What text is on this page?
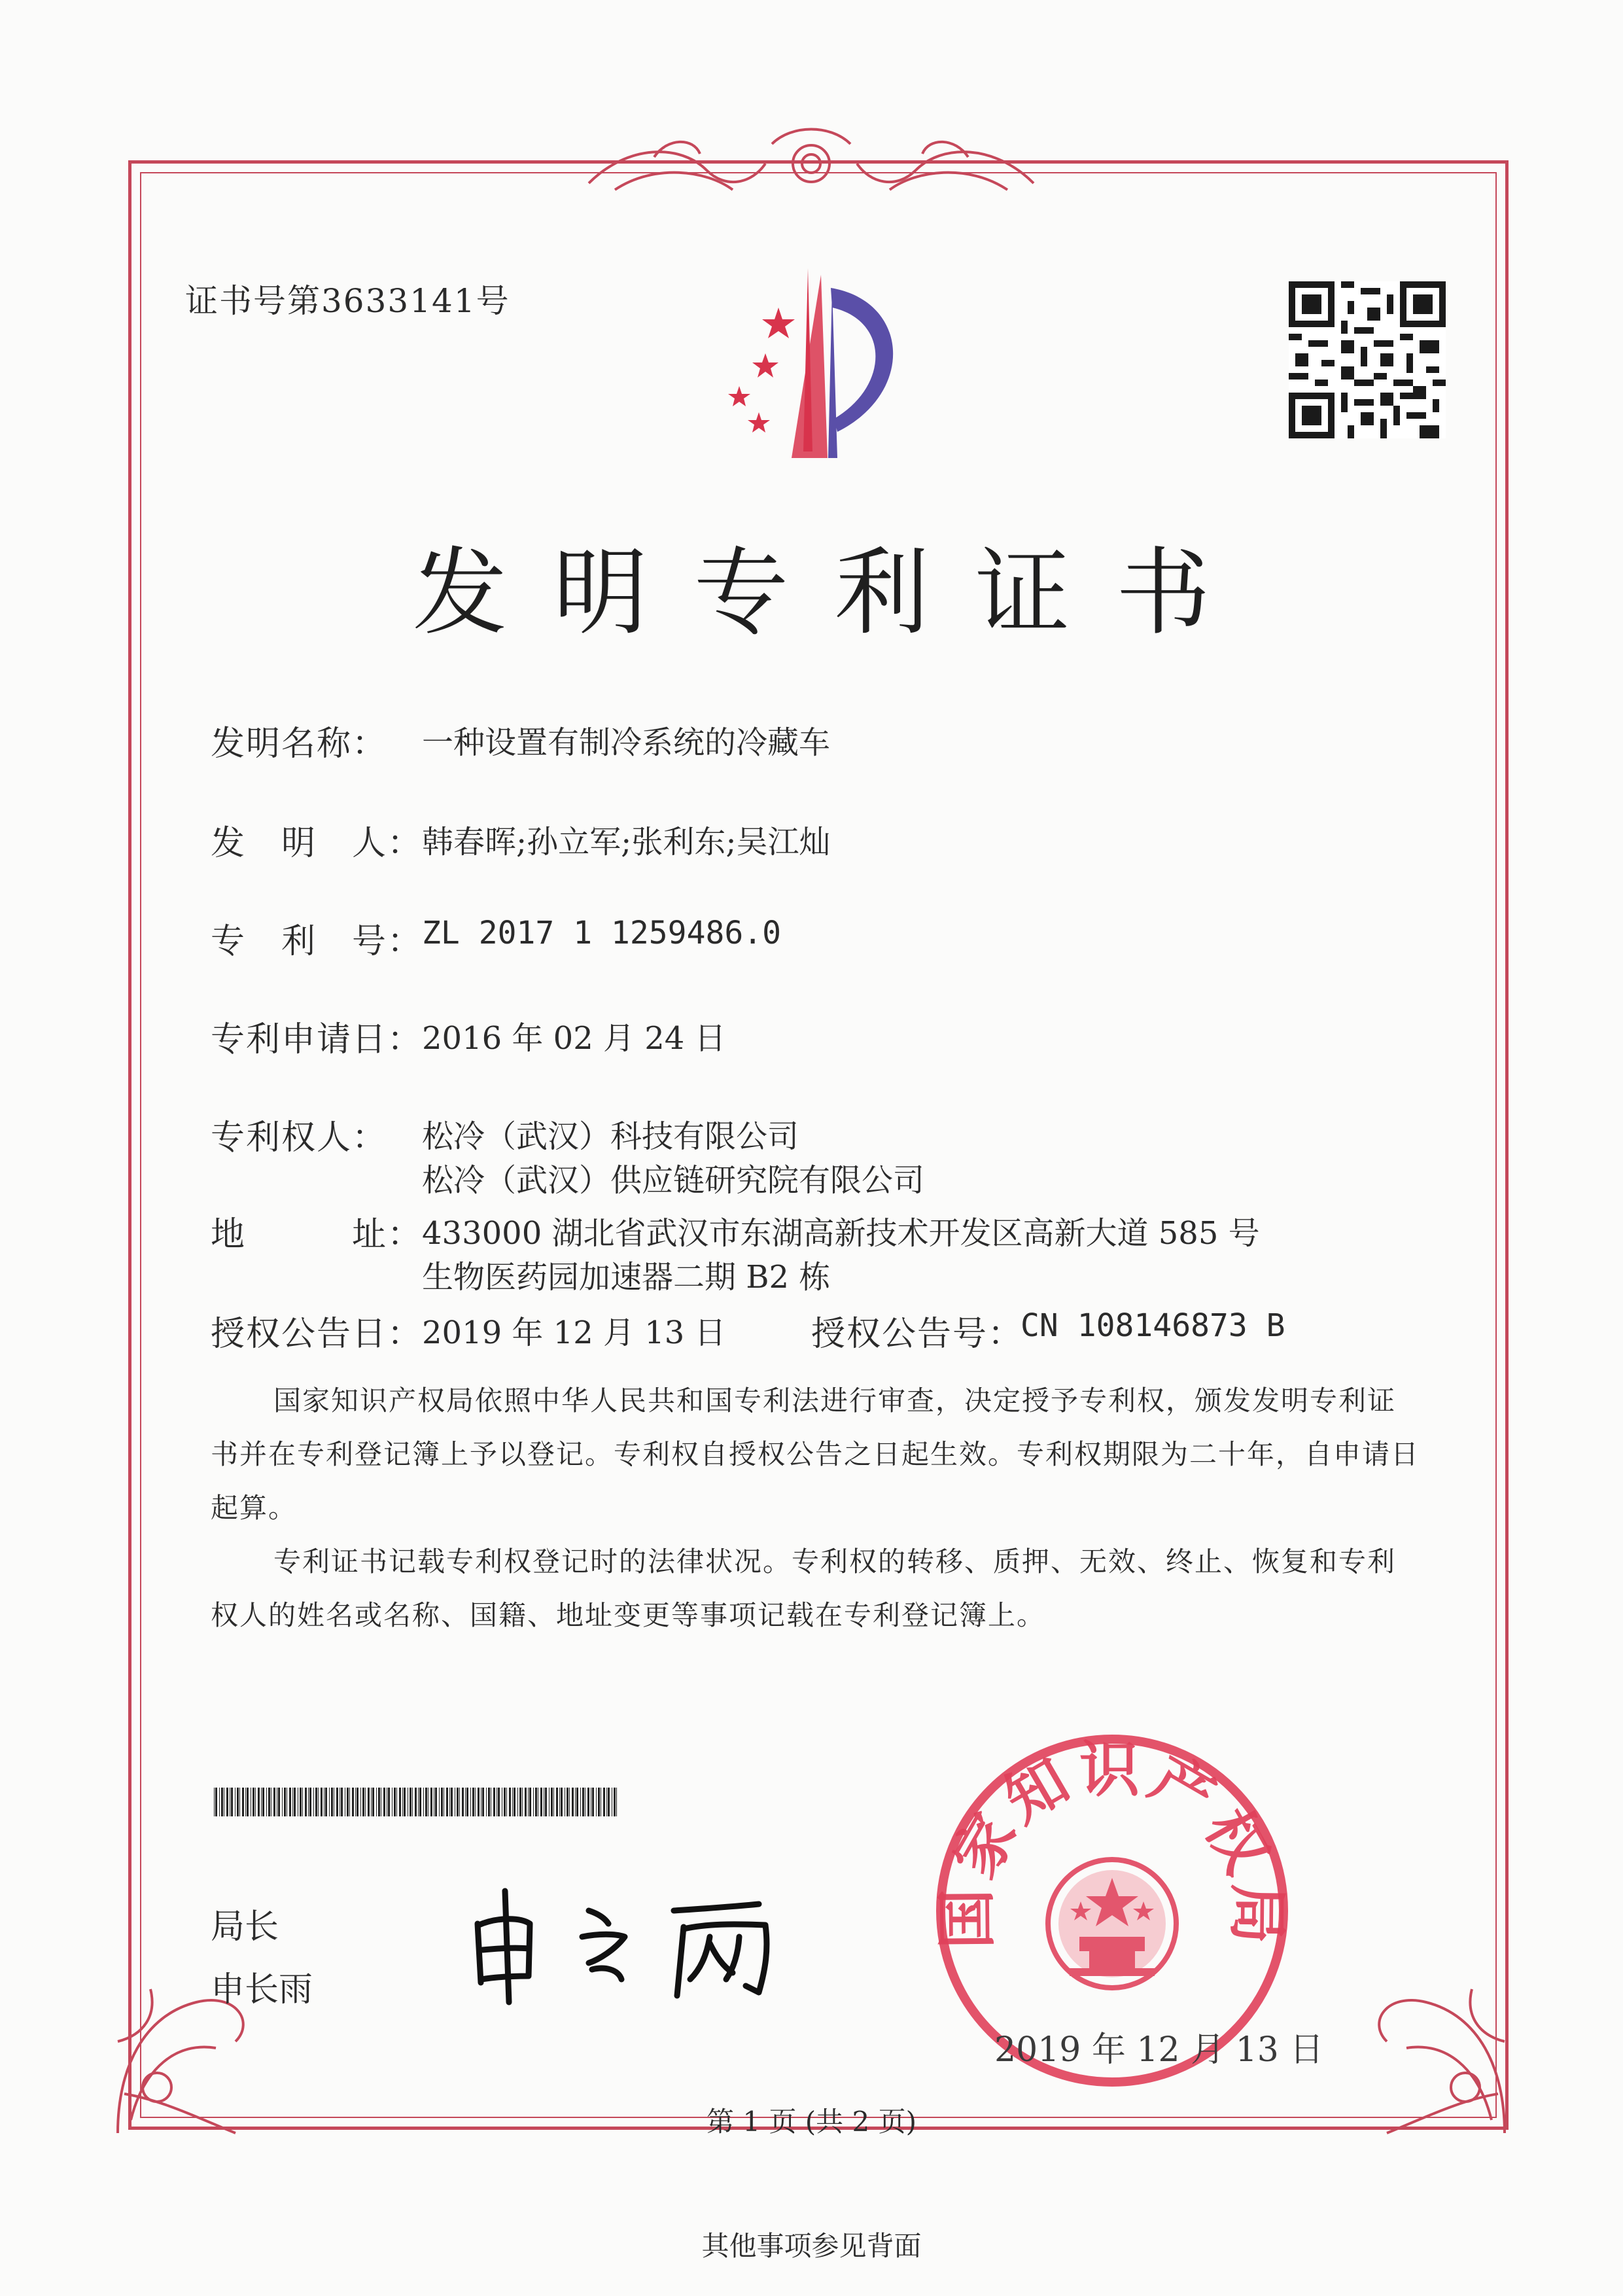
证书号第3633141号
发明专利证书
发明名称： 一种设置有制冷系统的冷藏车
发　明　人：
韩春晖;孙立军;张利东;吴江灿
专　利　号：
ZL 2017 1 1259486.0
专利申请日：
2016 年 02 月 24 日
专利权人： 松冷（武汉）科技有限公司
松冷（武汉）供应链研究院有限公司
地　　　址：
433000 湖北省武汉市东湖高新技术开发区高新大道 585 号
生物医药园加速器二期 B2 栋
授权公告日：
2019 年 12 月 13 日	授权公告号：
CN 108146873 B

国家知识产权局依照中华人民共和国专利法进行审查，决定授予专利权，颁发发明专利证书并在专利登记簿上予以登记。专利权自授权公告之日起生效。专利权期限为二十年，自申请日起算。

专利证书记载专利权登记时的法律状况。专利权的转移、质押、无效、终止、恢复和专利权人的姓名或名称、国籍、地址变更等事项记载在专利登记簿上。

局长
申长雨
国家知识产权局
2019 年 12 月 13 日
第 1 页 (共 2 页)
其他事项参见背面
